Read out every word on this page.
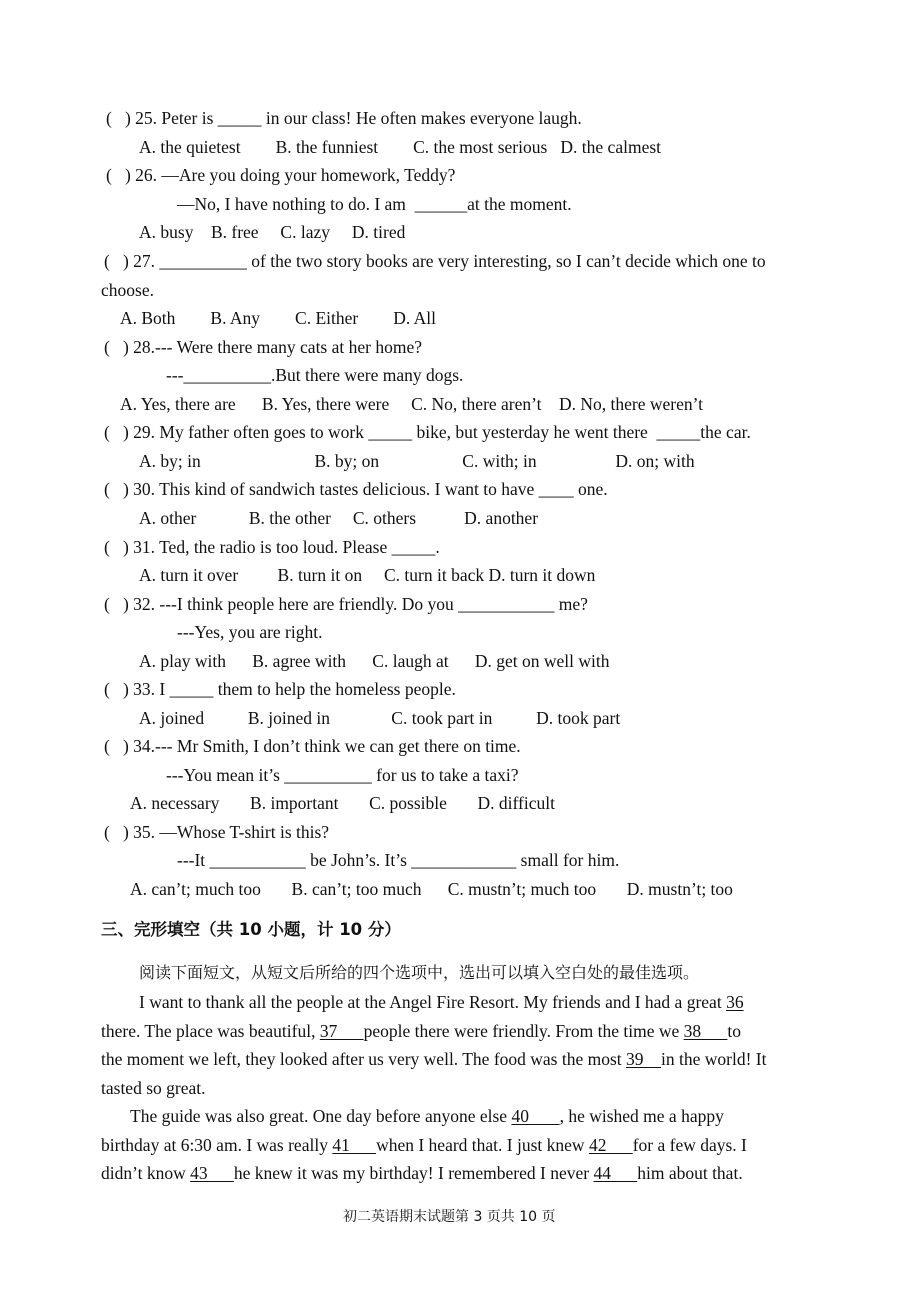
(   ) 25. Peter is _____ in our class! He often makes everyone laugh.
A. the quietest        B. the funniest        C. the most serious   D. the calmest
(   ) 26. —Are you doing your homework, Teddy?
—No, I have nothing to do. I am  ______at the moment.
A. busy    B. free     C. lazy     D. tired
(   ) 27. __________ of the two story books are very interesting, so I can’t decide which one to
choose.
A. Both        B. Any        C. Either        D. All
(   ) 28.--- Were there many cats at her home?
---__________.But there were many dogs.
A. Yes, there are      B. Yes, there were     C. No, there aren’t    D. No, there weren’t
(   ) 29. My father often goes to work _____ bike, but yesterday he went there  _____the car.
A. by; in                          B. by; on                   C. with; in                  D. on; with
(   ) 30. This kind of sandwich tastes delicious. I want to have ____ one.
A. other            B. the other     C. others           D. another
(   ) 31. Ted, the radio is too loud. Please _____.
A. turn it over         B. turn it on     C. turn it back D. turn it down
(   ) 32. ---I think people here are friendly. Do you ___________ me?
---Yes, you are right.
A. play with      B. agree with      C. laugh at      D. get on well with
(   ) 33. I _____ them to help the homeless people.
A. joined          B. joined in              C. took part in          D. took part
(   ) 34.--- Mr Smith, I don’t think we can get there on time.
---You mean it’s __________ for us to take a taxi?
A. necessary       B. important       C. possible       D. difficult
(   ) 35. —Whose T-shirt is this?
---It ___________ be John’s. It’s ____________ small for him.
A. can’t; much too       B. can’t; too much      C. mustn’t; much too       D. mustn’t; too
三、完形填空（共 10 小题，计 10 分）
阅读下面短文，从短文后所给的四个选项中，选出可以填入空白处的最佳选项。
I want to thank all the people at the Angel Fire Resort. My friends and I had a great 36
there. The place was beautiful, 37      people there were friendly. From the time we 38      to
the moment we left, they looked after us very well. The food was the most 39    in the world! It
tasted so great.
The guide was also great. One day before anyone else 40       , he wished me a happy
birthday at 6:30 am. I was really 41      when I heard that. I just knew 42      for a few days. I
didn’t know 43      he knew it was my birthday! I remembered I never 44      him about that.
初二英语期末试题第 3 页共 10 页
